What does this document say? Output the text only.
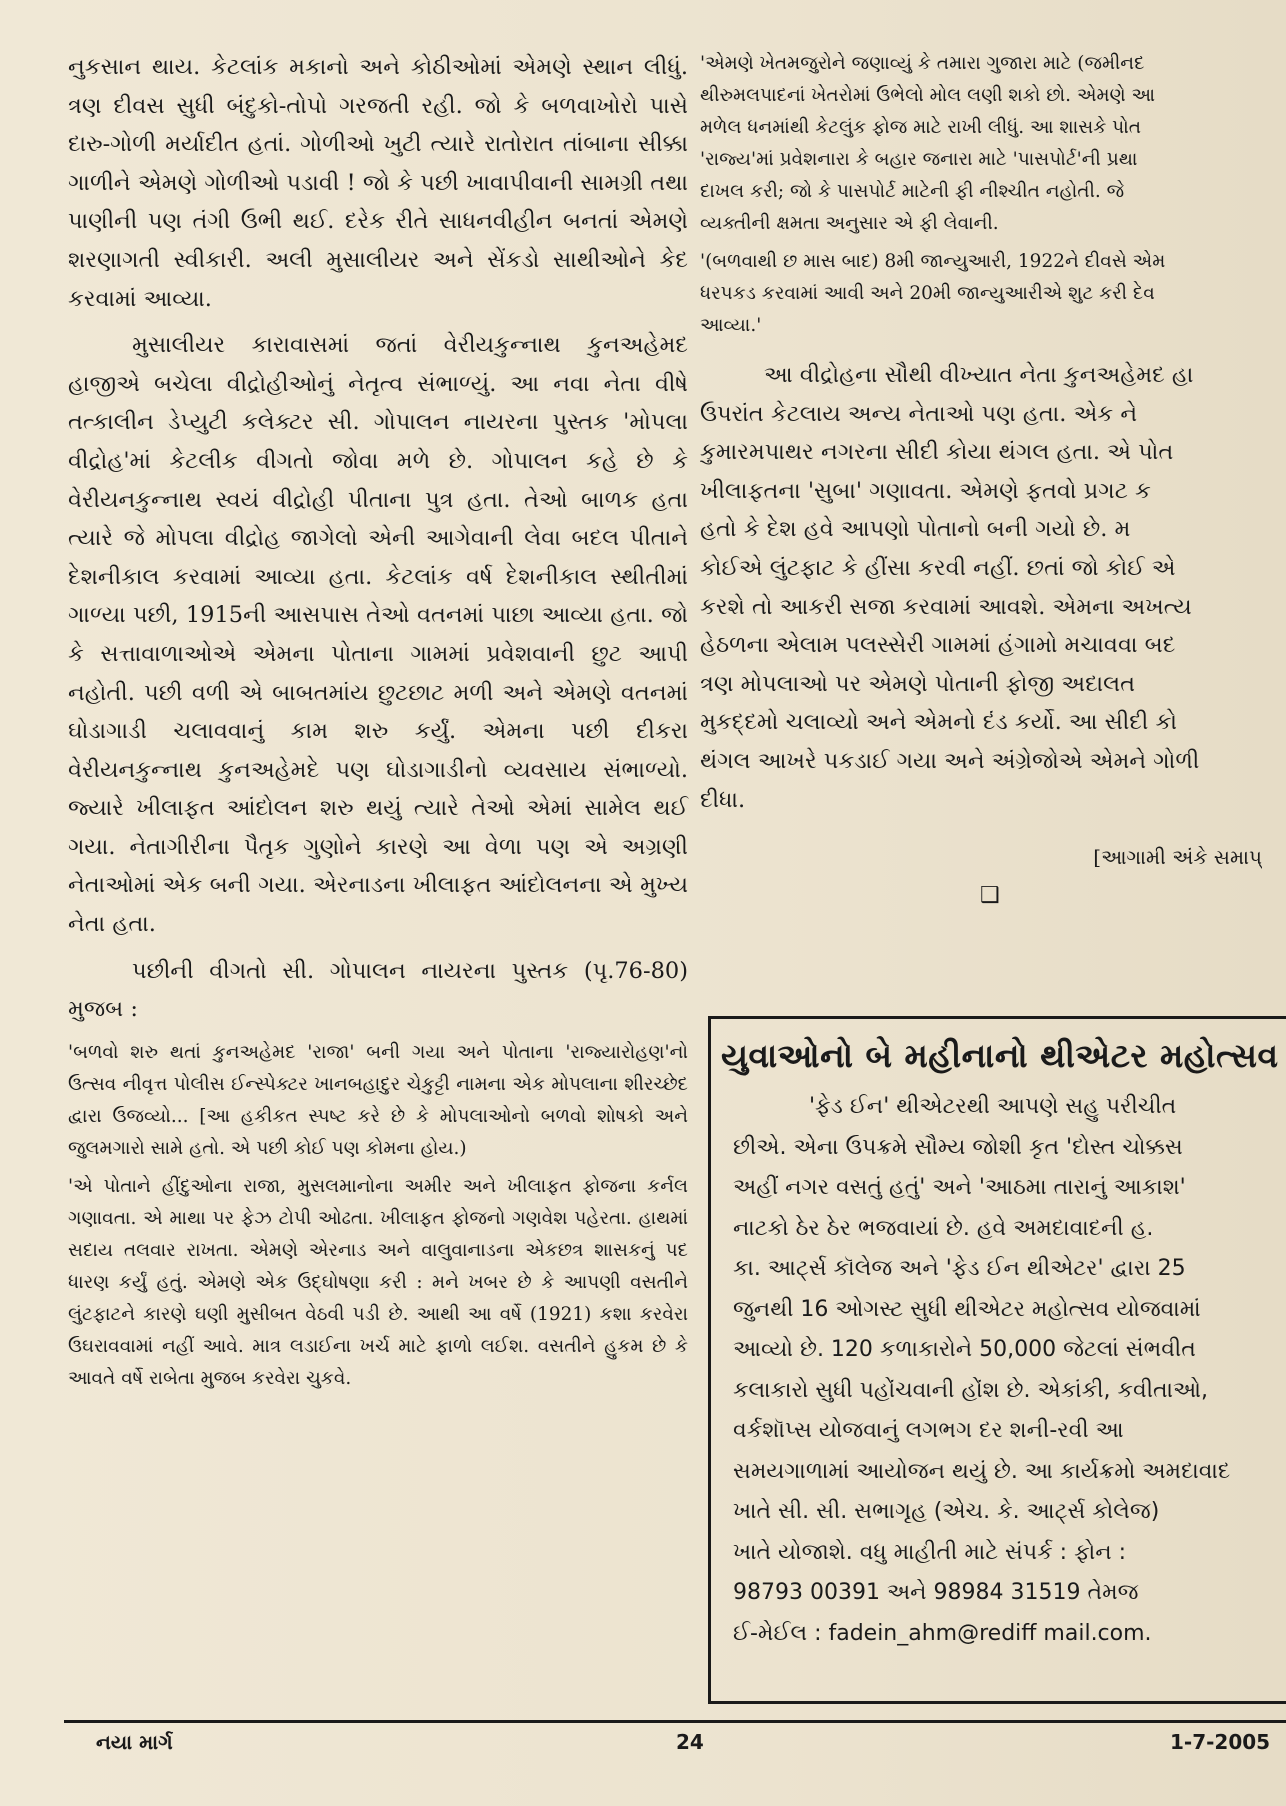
નુકસાન થાય. કેટલાંક મકાનો અને કોઠીઓમાં એમણે સ્થાન લીધું. ત્રણ દીવસ સુધી બંદુકો-તોપો ગરજતી રહી. જો કે બળવાખોરો પાસે દારુ-ગોળી મર્યાદીત હતાં. ગોળીઓ ખુટી ત્યારે રાતોરાત તાંબાના સીક્કા ગાળીને એમણે ગોળીઓ પડાવી ! જો કે પછી ખાવાપીવાની સામગ્રી તથા પાણીની પણ તંગી ઉભી થઈ. દરેક રીતે સાધનવીહીન બનતાં એમણે શરણાગતી સ્વીકારી. અલી મુસાલીયર અને સેંકડો સાથીઓને કેદ કરવામાં આવ્યા.

મુસાલીયર કારાવાસમાં જતાં વેરીયકુન્નાથ કુનઅહેમદ હાજીએ બચેલા વીદ્રોહીઓનું નેતૃત્વ સંભાળ્યું. આ નવા નેતા વીષે તત્કાલીન ડેપ્યુટી કલેક્ટર સી. ગોપાલન નાયરના પુસ્તક 'મોપલા વીદ્રોહ'માં કેટલીક વીગતો જોવા મળે છે. ગોપાલન કહે છે કે વેરીયનકુન્નાથ સ્વયં વીદ્રોહી પીતાના પુત્ર હતા. તેઓ બાળક હતા ત્યારે જે મોપલા વીદ્રોહ જાગેલો એની આગેવાની લેવા બદલ પીતાને દેશનીકાલ કરવામાં આવ્યા હતા. કેટલાંક વર્ષ દેશનીકાલ સ્થીતીમાં ગાળ્યા પછી, 1915ની આસપાસ તેઓ વતનમાં પાછા આવ્યા હતા. જો કે સત્તાવાળાઓએ એમના પોતાના ગામમાં પ્રવેશવાની છુટ આપી નહોતી. પછી વળી એ બાબતમાંય છુટછાટ મળી અને એમણે વતનમાં ઘોડાગાડી ચલાવવાનું કામ શરુ કર્યું. એમના પછી દીકરા વેરીયનકુન્નાથ કુનઅહેમદે પણ ઘોડાગાડીનો વ્યવસાય સંભાળ્યો. જ્યારે ખીલાફત આંદોલન શરુ થયું ત્યારે તેઓ એમાં સામેલ થઈ ગયા. નેતાગીરીના પૈતૃક ગુણોને કારણે આ વેળા પણ એ અગ્રણી નેતાઓમાં એક બની ગયા. એરનાડના ખીલાફત આંદોલનના એ મુખ્ય નેતા હતા.

પછીની વીગતો સી. ગોપાલન નાયરના પુસ્તક (પૃ.76-80) મુજબ :

'બળવો શરુ થતાં કુનઅહેમદ 'રાજા' બની ગયા અને પોતાના 'રાજ્યારોહણ'નો ઉત્સવ નીવૃત્ત પોલીસ ઈન્સ્પેક્ટર ખાનબહાદુર ચેકુટ્ટી નામના એક મોપલાના શીરચ્છેદ દ્વારા ઉજવ્યો... [આ હકીકત સ્પષ્ટ કરે છે કે મોપલાઓનો બળવો શોષકો અને જુલમગારો સામે હતો. એ પછી કોઈ પણ કોમના હોય.)

'એ પોતાને હીંદુઓના રાજા, મુસલમાનોના અમીર અને ખીલાફત ફોજના કર્નલ ગણાવતા. એ માથા પર ફેઝ ટોપી ઓઢતા. ખીલાફત ફોજનો ગણવેશ પહેરતા. હાથમાં સદાય તલવાર રાખતા. એમણે એરનાડ અને વાલુવાનાડના એકછત્ર શાસકનું પદ ધારણ કર્યું હતું. એમણે એક ઉદ્ઘોષણા કરી : મને ખબર છે કે આપણી વસતીને લુંટફાટને કારણે ઘણી મુસીબત વેઠવી પડી છે. આથી આ વર્ષે (1921) કશા કરવેરા ઉઘરાવવામાં નહીં આવે. માત્ર લડાઈના ખર્ચ માટે ફાળો લઈશ. વસતીને હુકમ છે કે આવતે વર્ષે રાબેતા મુજબ કરવેરા ચુકવે.

'એમણે ખેતમજુરોને જણાવ્યું કે તમારા ગુજારા માટે (જમીનદ
થીરુમલપાદનાં ખેતરોમાં ઉભેલો મોલ લણી શકો છો. એમણે આ
મળેલ ધનમાંથી કેટલુંક ફોજ માટે રાખી લીધું. આ શાસકે પોત
'રાજ્ય'માં પ્રવેશનારા કે બહાર જનારા માટે 'પાસપોર્ટ'ની પ્રથા
દાખલ કરી; જો કે પાસપોર્ટ માટેની ફી નીશ્ચીત નહોતી. જે
વ્યક્તીની ક્ષમતા અનુસાર એ ફી લેવાની.
'(બળવાથી છ માસ બાદ) 8મી જાન્યુઆરી, 1922ને દીવસે એમ
ધરપકડ કરવામાં આવી અને 20મી જાન્યુઆરીએ શુટ કરી દેવ
આવ્યા.'
આ વીદ્રોહના સૌથી વીખ્યાત નેતા કુનઅહેમદ હા
ઉપરાંત કેટલાય અન્ય નેતાઓ પણ હતા. એક ને
કુમારમપાથર નગરના સીદી કોયા થંગલ હતા. એ પોત
ખીલાફતના 'સુબા' ગણાવતા. એમણે ફતવો પ્રગટ ક
હતો કે દેશ હવે આપણો પોતાનો બની ગયો છે. મ
કોઈએ લુંટફાટ કે હીંસા કરવી નહીં. છતાં જો કોઈ એ
કરશે તો આકરી સજા કરવામાં આવશે. એમના અખત્ય
હેઠળના એલામ પલસ્સેરી ગામમાં હંગામો મચાવવા બદ
ત્રણ મોપલાઓ પર એમણે પોતાની ફોજી અદાલત
મુકદ્દમો ચલાવ્યો અને એમનો દંડ કર્યો. આ સીદી કો
થંગલ આખરે પકડાઈ ગયા અને અંગ્રેજોએ એમને ગોળી
દીધા.
[આગામી અંકે સમાપ્
❑
યુવાઓનો બે મહીનાનો થીએટર મહોત્સવ
'ફેડ ઈન' થીએટરથી આપણે સહુ પરીચીત
છીએ. એના ઉપક્રમે સૌમ્ય જોશી કૃત 'દોસ્ત ચોક્કસ
અહીં નગર વસતું હતું' અને 'આઠમા તારાનું આકાશ'
નાટકો ઠેર ઠેર ભજવાયાં છે. હવે અમદાવાદની હ.
કા. આર્ટ્સ કૉલેજ અને 'ફેડ ઈન થીએટર' દ્વારા 25
જુનથી 16 ઓગસ્ટ સુધી થીએટર મહોત્સવ યોજવામાં
આવ્યો છે. 120 કળાકારોને 50,000 જેટલાં સંભવીત
કલાકારો સુધી પહોંચવાની હોંશ છે. એકાંકી, કવીતાઓ,
વર્કશૉપ્સ યોજવાનું લગભગ દર શની-રવી આ
સમયગાળામાં આયોજન થયું છે. આ કાર્યક્રમો અમદાવાદ
ખાતે સી. સી. સભાગૃહ (એચ. કે. આર્ટ્સ કોલેજ)
ખાતે યોજાશે. વધુ માહીતી માટે સંપર્ક : ફોન :
98793 00391 અને 98984 31519 તેમજ
ઈ-મેઈલ : fadein_ahm@rediff mail.com.
નયા માર્ગ	24	1-7-2005
